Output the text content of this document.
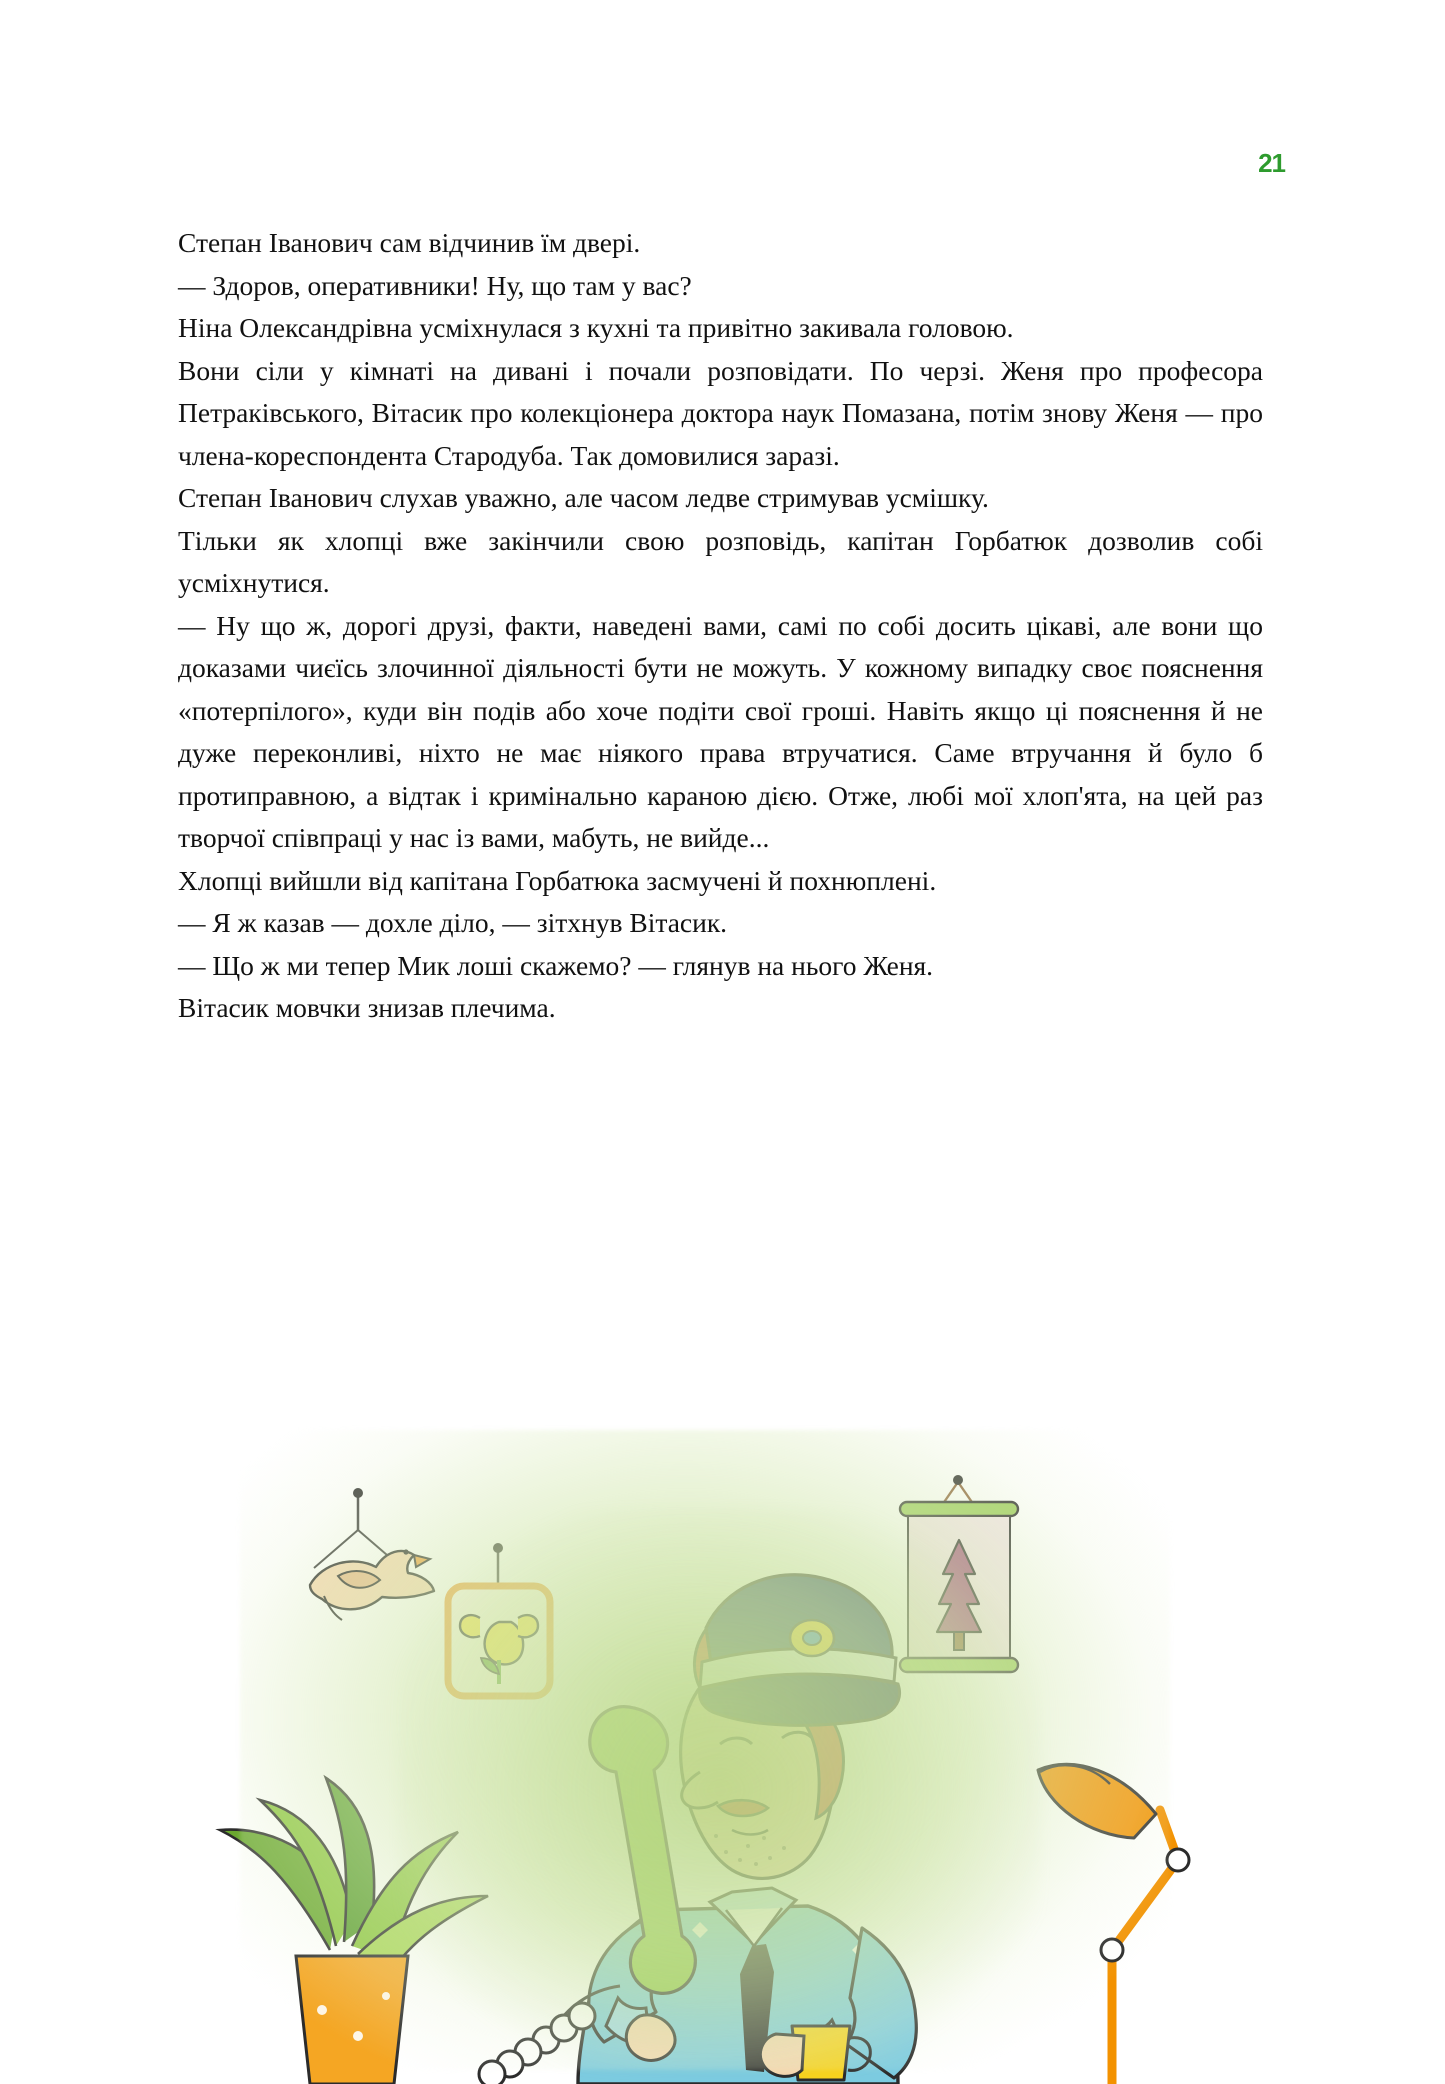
21

Степан Іванович сам відчинив їм двері.

— Здоров, оперативники! Ну, що там у вас?

Ніна Олександрівна усміхнулася з кухні та привітно закивала головою.

Вони сіли у кімнаті на дивані і почали розповідати. По черзі. Женя про професора Петраківського, Вітасик про колекціонера доктора наук Помазана, потім знову Женя — про члена-кореспондента Стародуба. Так домовилися заразі.

Степан Іванович слухав уважно, але часом ледве стримував усмішку.

Тільки як хлопці вже закінчили свою розповідь, капітан Горбатюк дозволив собі усміхнутися.

— Ну що ж, дорогі друзі, факти, наведені вами, самі по собі досить цікаві, але вони що доказами чиєїсь злочинної діяльності бути не можуть. У кожному випадку своє пояснення «потерпілого», куди він подів або хоче подіти свої гроші. Навіть якщо ці пояснення й не дуже переконливі, ніхто не має ніякого права втручатися. Саме втручання й було б протиправною, а відтак і кримінально караною дією. Отже, любі мої хлоп'ята, на цей раз творчої співпраці у нас із вами, мабуть, не вийде...

Хлопці вийшли від капітана Горбатюка засмучені й похнюплені.

— Я ж казав — дохле діло, — зітхнув Вітасик.

— Що ж ми тепер Мик лоші скажемо? — глянув на нього Женя.

Вітасик мовчки знизав плечима.
